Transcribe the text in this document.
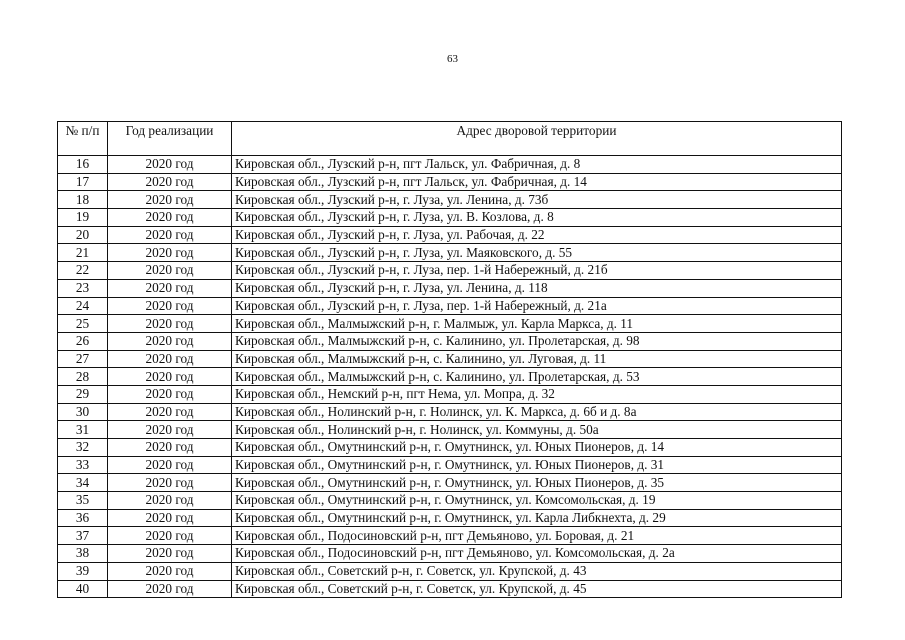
63
№ п/п	Год реализации	Адрес дворовой территории
16	2020 год	Кировская обл., Лузский р-н, пгт Лальск, ул. Фабричная, д. 8
17	2020 год	Кировская обл., Лузский р-н, пгт Лальск, ул. Фабричная, д. 14
18	2020 год	Кировская обл., Лузский р-н, г. Луза, ул. Ленина, д. 73б
19	2020 год	Кировская обл., Лузский р-н, г. Луза, ул. В. Козлова, д. 8
20	2020 год	Кировская обл., Лузский р-н, г. Луза, ул. Рабочая, д. 22
21	2020 год	Кировская обл., Лузский р-н, г. Луза, ул. Маяковского, д. 55
22	2020 год	Кировская обл., Лузский р-н, г. Луза, пер. 1-й Набережный, д. 21б
23	2020 год	Кировская обл., Лузский р-н, г. Луза, ул. Ленина, д. 118
24	2020 год	Кировская обл., Лузский р-н, г. Луза, пер. 1-й Набережный, д. 21а
25	2020 год	Кировская обл., Малмыжский р-н, г. Малмыж, ул. Карла Маркса, д. 11
26	2020 год	Кировская обл., Малмыжский р-н, с. Калинино, ул. Пролетарская, д. 98
27	2020 год	Кировская обл., Малмыжский р-н, с. Калинино, ул. Луговая, д. 11
28	2020 год	Кировская обл., Малмыжский р-н, с. Калинино, ул. Пролетарская, д. 53
29	2020 год	Кировская обл., Немский р-н, пгт Нема, ул. Мопра, д. 32
30	2020 год	Кировская обл., Нолинский р-н, г. Нолинск, ул. К. Маркса, д. 6б и д. 8а
31	2020 год	Кировская обл., Нолинский р-н, г. Нолинск, ул. Коммуны, д. 50а
32	2020 год	Кировская обл., Омутнинский р-н, г. Омутнинск, ул. Юных Пионеров, д. 14
33	2020 год	Кировская обл., Омутнинский р-н, г. Омутнинск, ул. Юных Пионеров, д. 31
34	2020 год	Кировская обл., Омутнинский р-н, г. Омутнинск, ул. Юных Пионеров, д. 35
35	2020 год	Кировская обл., Омутнинский р-н, г. Омутнинск, ул. Комсомольская, д. 19
36	2020 год	Кировская обл., Омутнинский р-н, г. Омутнинск, ул. Карла Либкнехта, д. 29
37	2020 год	Кировская обл., Подосиновский р-н, пгт Демьяново, ул. Боровая, д. 21
38	2020 год	Кировская обл., Подосиновский р-н, пгт Демьяново, ул. Комсомольская, д. 2а
39	2020 год	Кировская обл., Советский р-н, г. Советск, ул. Крупской, д. 43
40	2020 год	Кировская обл., Советский р-н, г. Советск, ул. Крупской, д. 45
